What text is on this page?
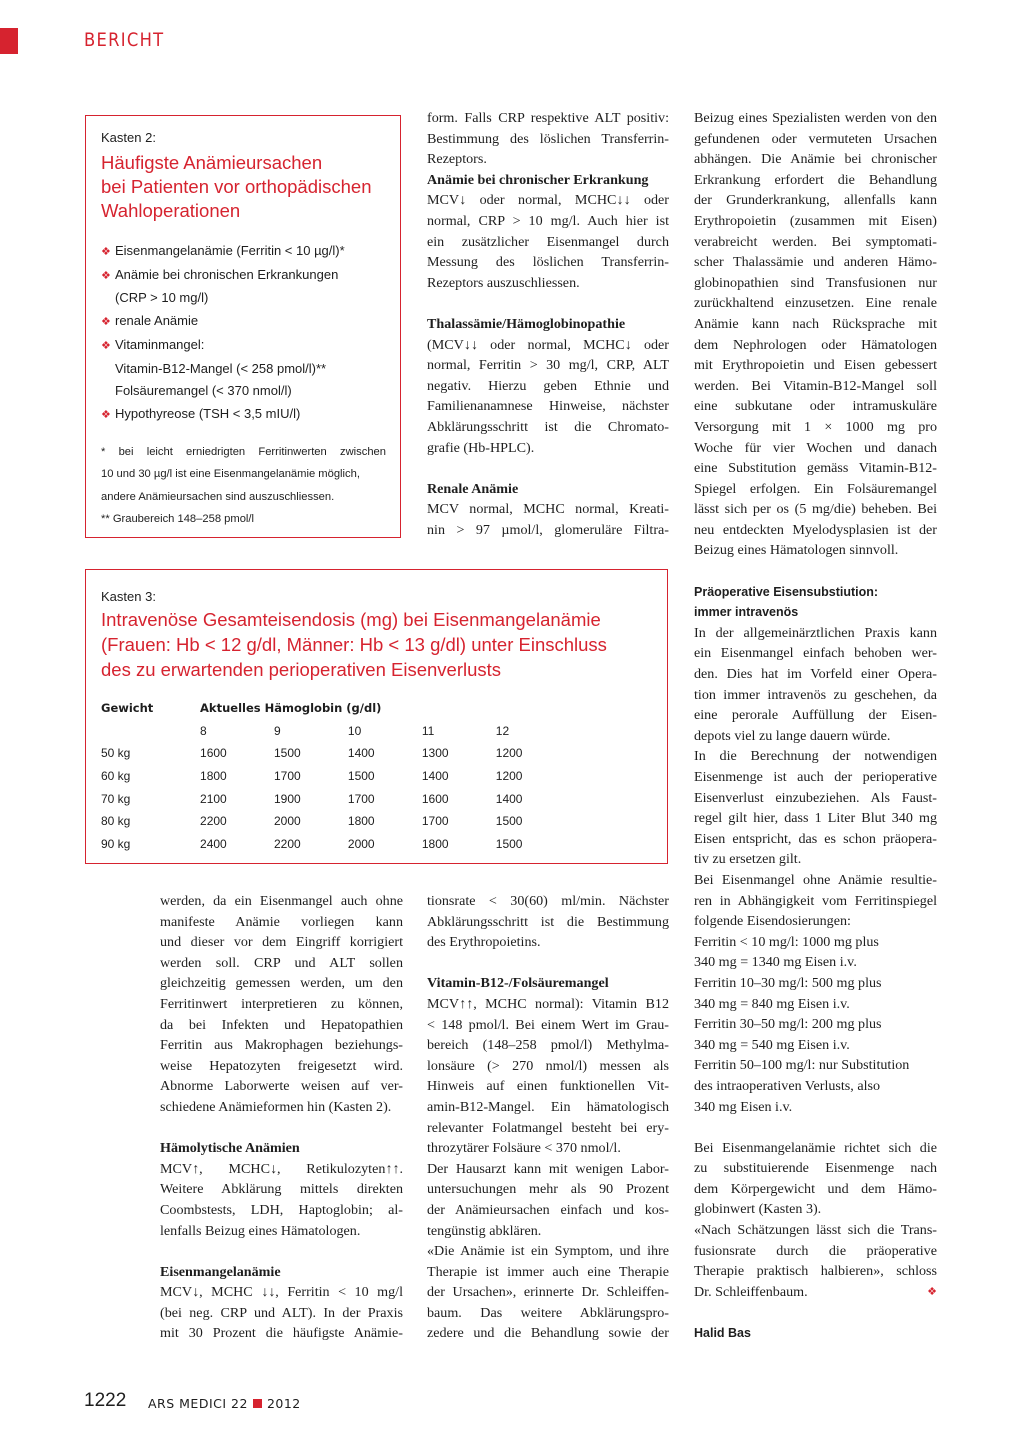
BERICHT
Kasten 2:
Häufigste Anämieursachen
bei Patienten vor orthopädischen
Wahloperationen
❖ Eisenmangelanämie (Ferritin < 10 µg/l)*
❖ Anämie bei chronischen Erkrankungen
(CRP > 10 mg/l)
❖ renale Anämie
❖ Vitaminmangel:
Vitamin-B12-Mangel (< 258 pmol/l)**
Folsäuremangel (< 370 nmol/l)
❖ Hypothyreose (TSH < 3,5 mIU/l)
* bei leicht erniedrigten Ferritinwerten zwischen
10 und 30 µg/l ist eine Eisenmangelanämie möglich,
andere Anämieursachen sind auszuschliessen.
** Graubereich 148–258 pmol/l

form. Falls CRP respektive ALT positiv:
Bestimmung des löslichen Transferrin-
Rezeptors.

Anämie bei chronischer Erkrankung

MCV↓ oder normal, MCHC↓↓ oder
normal, CRP > 10 mg/l. Auch hier ist
ein zusätzlicher Eisenmangel durch
Messung des löslichen Transferrin-
Rezeptors auszuschliessen.

Thalassämie/Hämoglobinopathie

(MCV↓↓ oder normal, MCHC↓ oder
normal, Ferritin > 30 mg/l, CRP, ALT
negativ. Hierzu geben Ethnie und
Familienanamnese Hinweise, nächster
Abklärungsschritt ist die Chromato-
grafie (Hb-HPLC).

Renale Anämie

MCV normal, MCHC normal, Kreati-
nin > 97 µmol/l, glomeruläre Filtra-

Beizug eines Spezialisten werden von den
gefundenen oder vermuteten Ursachen
abhängen. Die Anämie bei chronischer
Erkrankung erfordert die Behandlung
der Grunderkrankung, allenfalls kann
Erythropoietin (zusammen mit Eisen)
verabreicht werden. Bei symptomati-
scher Thalassämie und anderen Hämo-
globinopathien sind Transfusionen nur
zurückhaltend einzusetzen. Eine renale
Anämie kann nach Rücksprache mit
dem Nephrologen oder Hämatologen
mit Erythropoietin und Eisen gebessert
werden. Bei Vitamin-B12-Mangel soll
eine subkutane oder intramuskuläre
Versorgung mit 1 × 1000 mg pro
Woche für vier Wochen und danach
eine Substitution gemäss Vitamin-B12-
Spiegel erfolgen. Ein Folsäuremangel
lässt sich per os (5 mg/die) beheben. Bei
neu entdeckten Myelodysplasien ist der
Beizug eines Hämatologen sinnvoll.

Präoperative Eisensubstiution:
immer intravenös

In der allgemeinärztlichen Praxis kann
ein Eisenmangel einfach behoben wer-
den. Dies hat im Vorfeld einer Opera-
tion immer intravenös zu geschehen, da
eine perorale Auffüllung der Eisen-
depots viel zu lange dauern würde.

In die Berechnung der notwendigen
Eisenmenge ist auch der perioperative
Eisenverlust einzubeziehen. Als Faust-
regel gilt hier, dass 1 Liter Blut 340 mg
Eisen entspricht, das es schon präopera-
tiv zu ersetzen gilt.

Bei Eisenmangel ohne Anämie resultie-
ren in Abhängigkeit vom Ferritinspiegel
folgende Eisendosierungen:
Ferritin < 10 mg/l: 1000 mg plus
340 mg = 1340 mg Eisen i.v.
Ferritin 10–30 mg/l: 500 mg plus
340 mg = 840 mg Eisen i.v.
Ferritin 30–50 mg/l: 200 mg plus
340 mg = 540 mg Eisen i.v.
Ferritin 50–100 mg/l: nur Substitution
des intraoperativen Verlusts, also
340 mg Eisen i.v.

Bei Eisenmangelanämie richtet sich die
zu substituierende Eisenmenge nach
dem Körpergewicht und dem Hämo-
globinwert (Kasten 3).
«Nach Schätzungen lässt sich die Trans-
fusionsrate durch die präoperative
Therapie praktisch halbieren», schloss
Dr. Schleiffenbaum.	❖

Halid Bas

Kasten 3:
Intravenöse Gesamteisendosis (mg) bei Eisenmangelanämie
(Frauen: Hb < 12 g/dl, Männer: Hb < 13 g/dl) unter Einschluss
des zu erwartenden perioperativen Eisenverlusts
Gewicht	Aktuelles Hämoglobin (g/dl)				
	8	9	10	11	12
50 kg	1600	1500	1400	1300	1200
60 kg	1800	1700	1500	1400	1200
70 kg	2100	1900	1700	1600	1400
80 kg	2200	2000	1800	1700	1500
90 kg	2400	2200	2000	1800	1500

werden, da ein Eisenmangel auch ohne
manifeste Anämie vorliegen kann
und dieser vor dem Eingriff korrigiert
werden soll. CRP und ALT sollen
gleichzeitig gemessen werden, um den
Ferritinwert interpretieren zu können,
da bei Infekten und Hepatopathien
Ferritin aus Makrophagen beziehungs-
weise Hepatozyten freigesetzt wird.
Abnorme Laborwerte weisen auf ver-
schiedene Anämieformen hin (Kasten 2).

Hämolytische Anämien

MCV↑, MCHC↓, Retikulozyten↑↑.
Weitere Abklärung mittels direkten
Coombstests, LDH, Haptoglobin; al-
lenfalls Beizug eines Hämatologen.

Eisenmangelanämie

MCV↓, MCHC ↓↓, Ferritin < 10 mg/l
(bei neg. CRP und ALT). In der Praxis
mit 30 Prozent die häufigste Anämie-

tionsrate < 30(60) ml/min. Nächster
Abklärungsschritt ist die Bestimmung
des Erythropoietins.

Vitamin-B12-/Folsäuremangel

MCV↑↑, MCHC normal): Vitamin B12
< 148 pmol/l. Bei einem Wert im Grau-
bereich (148–258 pmol/l) Methylma-
lonsäure (> 270 nmol/l) messen als
Hinweis auf einen funktionellen Vit-
amin-B12-Mangel. Ein hämatologisch
relevanter Folatmangel besteht bei ery-
throzytärer Folsäure < 370 nmol/l.

Der Hausarzt kann mit wenigen Labor-
untersuchungen mehr als 90 Prozent
der Anämieursachen einfach und kos-
tengünstig abklären.

«Die Anämie ist ein Symptom, und ihre
Therapie ist immer auch eine Therapie
der Ursachen», erinnerte Dr. Schleiffen-
baum. Das weitere Abklärungspro-
zedere und die Behandlung sowie der

1222 ARS MEDICI 22 2012
